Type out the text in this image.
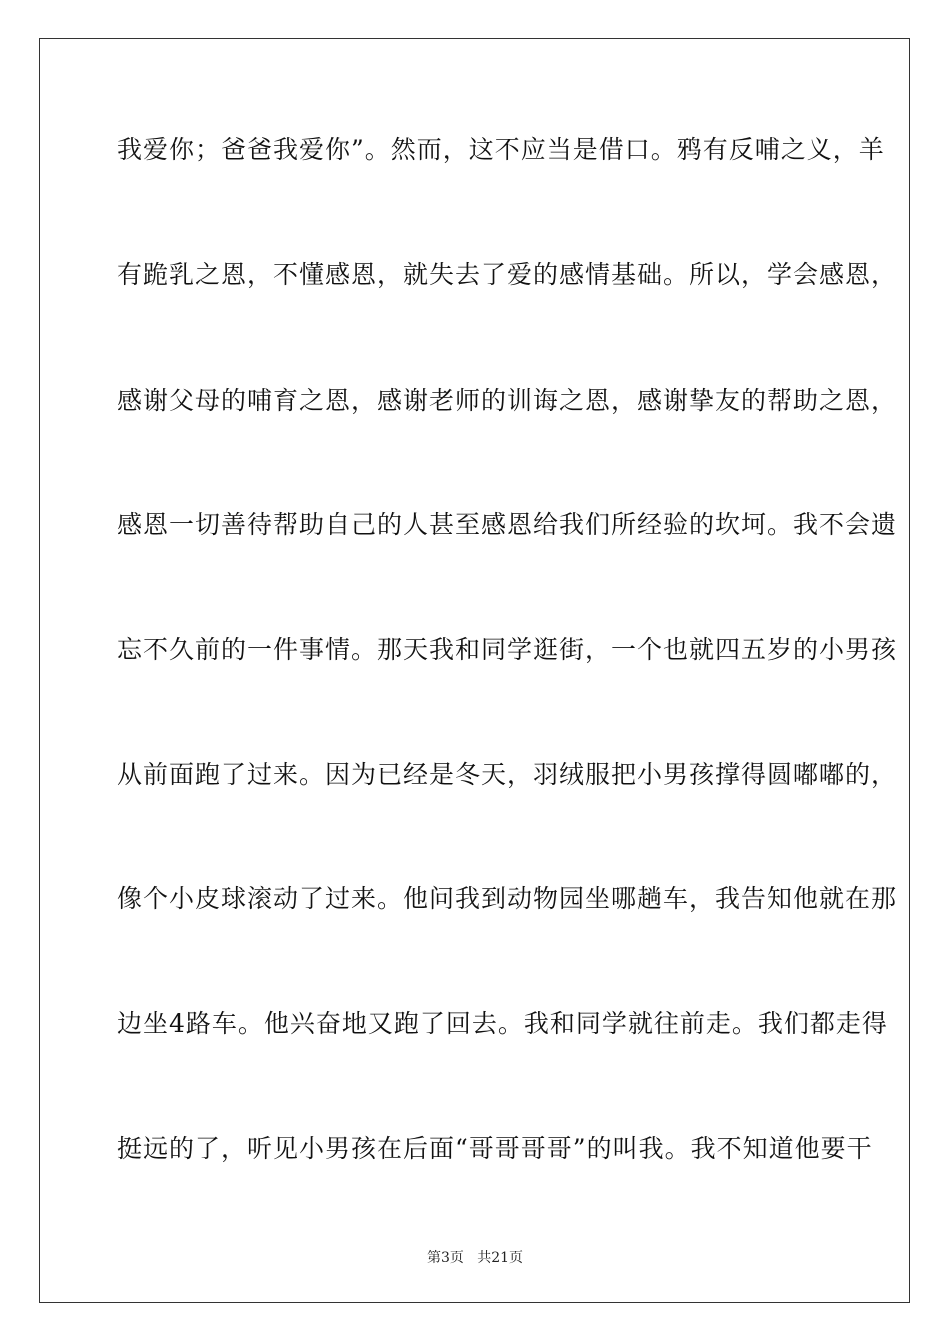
我爱你；爸爸我爱你”。然而，这不应当是借口。鸦有反哺之义，羊
有跪乳之恩，不懂感恩，就失去了爱的感情基础。所以，学会感恩，
感谢父母的哺育之恩，感谢老师的训诲之恩，感谢挚友的帮助之恩，
感恩一切善待帮助自己的人甚至感恩给我们所经验的坎坷。我不会遗
忘不久前的一件事情。那天我和同学逛街，一个也就四五岁的小男孩
从前面跑了过来。因为已经是冬天，羽绒服把小男孩撑得圆嘟嘟的，
像个小皮球滚动了过来。他问我到动物园坐哪趟车，我告知他就在那
边坐4路车。他兴奋地又跑了回去。我和同学就往前走。我们都走得
挺远的了，听见小男孩在后面“哥哥哥哥”的叫我。我不知道他要干
第3页   共21页
